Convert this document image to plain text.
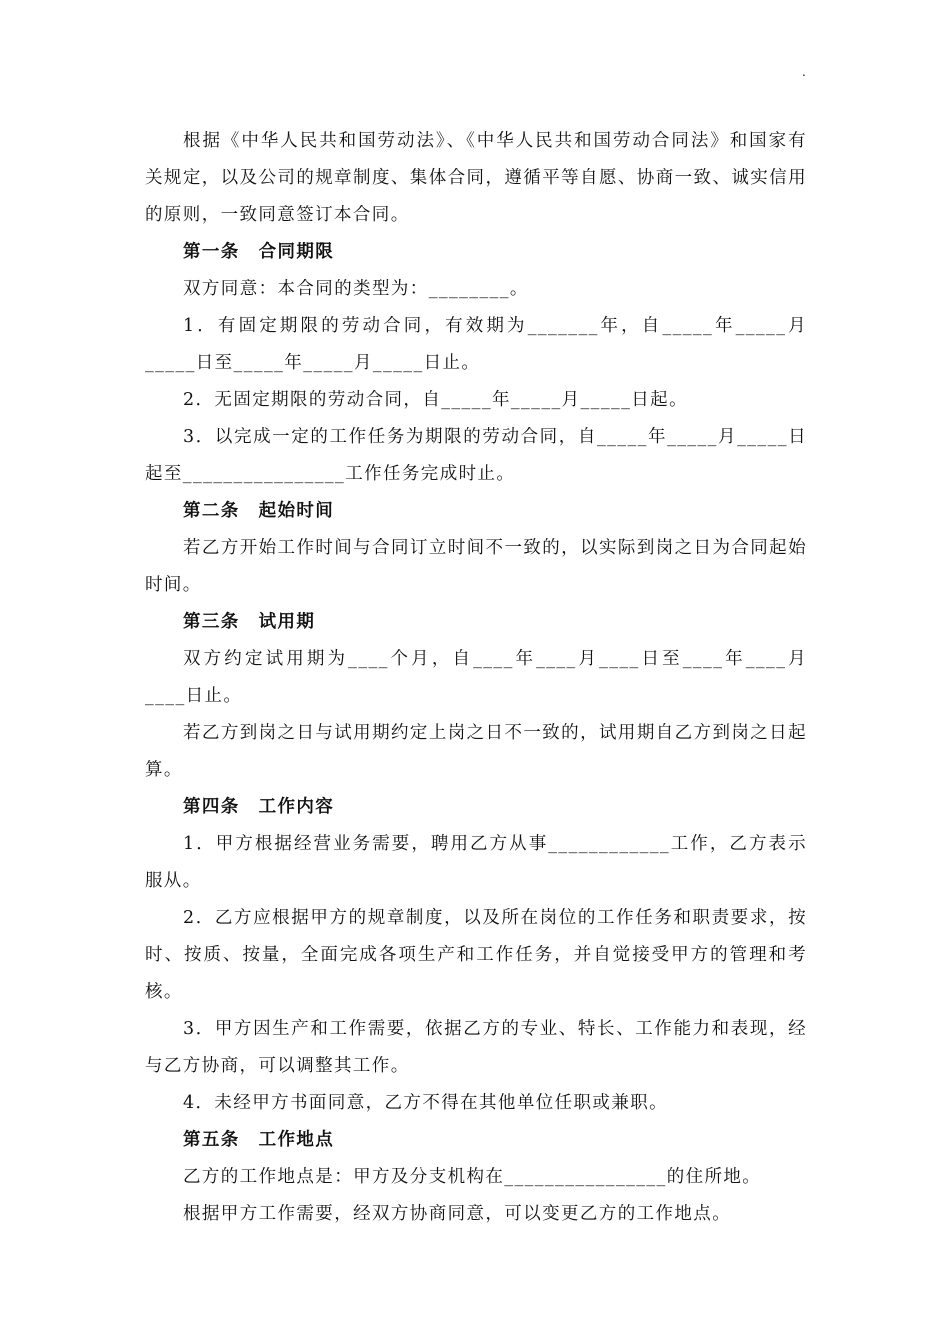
.

根据《中华人民共和国劳动法》、《中华人民共和国劳动合同法》和国家有关规定，以及公司的规章制度、集体合同，遵循平等自愿、协商一致、诚实信用的原则，一致同意签订本合同。

第一条　合同期限

双方同意：本合同的类型为：________。

1．有固定期限的劳动合同，有效期为_______年，自_____年_____月_____日至_____年_____月_____日止。

2．无固定期限的劳动合同，自_____年_____月_____日起。

3．以完成一定的工作任务为期限的劳动合同，自_____年_____月_____日起至________________工作任务完成时止。

第二条　起始时间

若乙方开始工作时间与合同订立时间不一致的，以实际到岗之日为合同起始时间。

第三条　试用期

双方约定试用期为____个月，自____年____月____日至____年____月____日止。

若乙方到岗之日与试用期约定上岗之日不一致的，试用期自乙方到岗之日起算。

第四条　工作内容

1．甲方根据经营业务需要，聘用乙方从事____________工作，乙方表示服从。

2．乙方应根据甲方的规章制度，以及所在岗位的工作任务和职责要求，按时、按质、按量，全面完成各项生产和工作任务，并自觉接受甲方的管理和考核。

3．甲方因生产和工作需要，依据乙方的专业、特长、工作能力和表现，经与乙方协商，可以调整其工作。

4．未经甲方书面同意，乙方不得在其他单位任职或兼职。

第五条　工作地点

乙方的工作地点是：甲方及分支机构在________________的住所地。

根据甲方工作需要，经双方协商同意，可以变更乙方的工作地点。
